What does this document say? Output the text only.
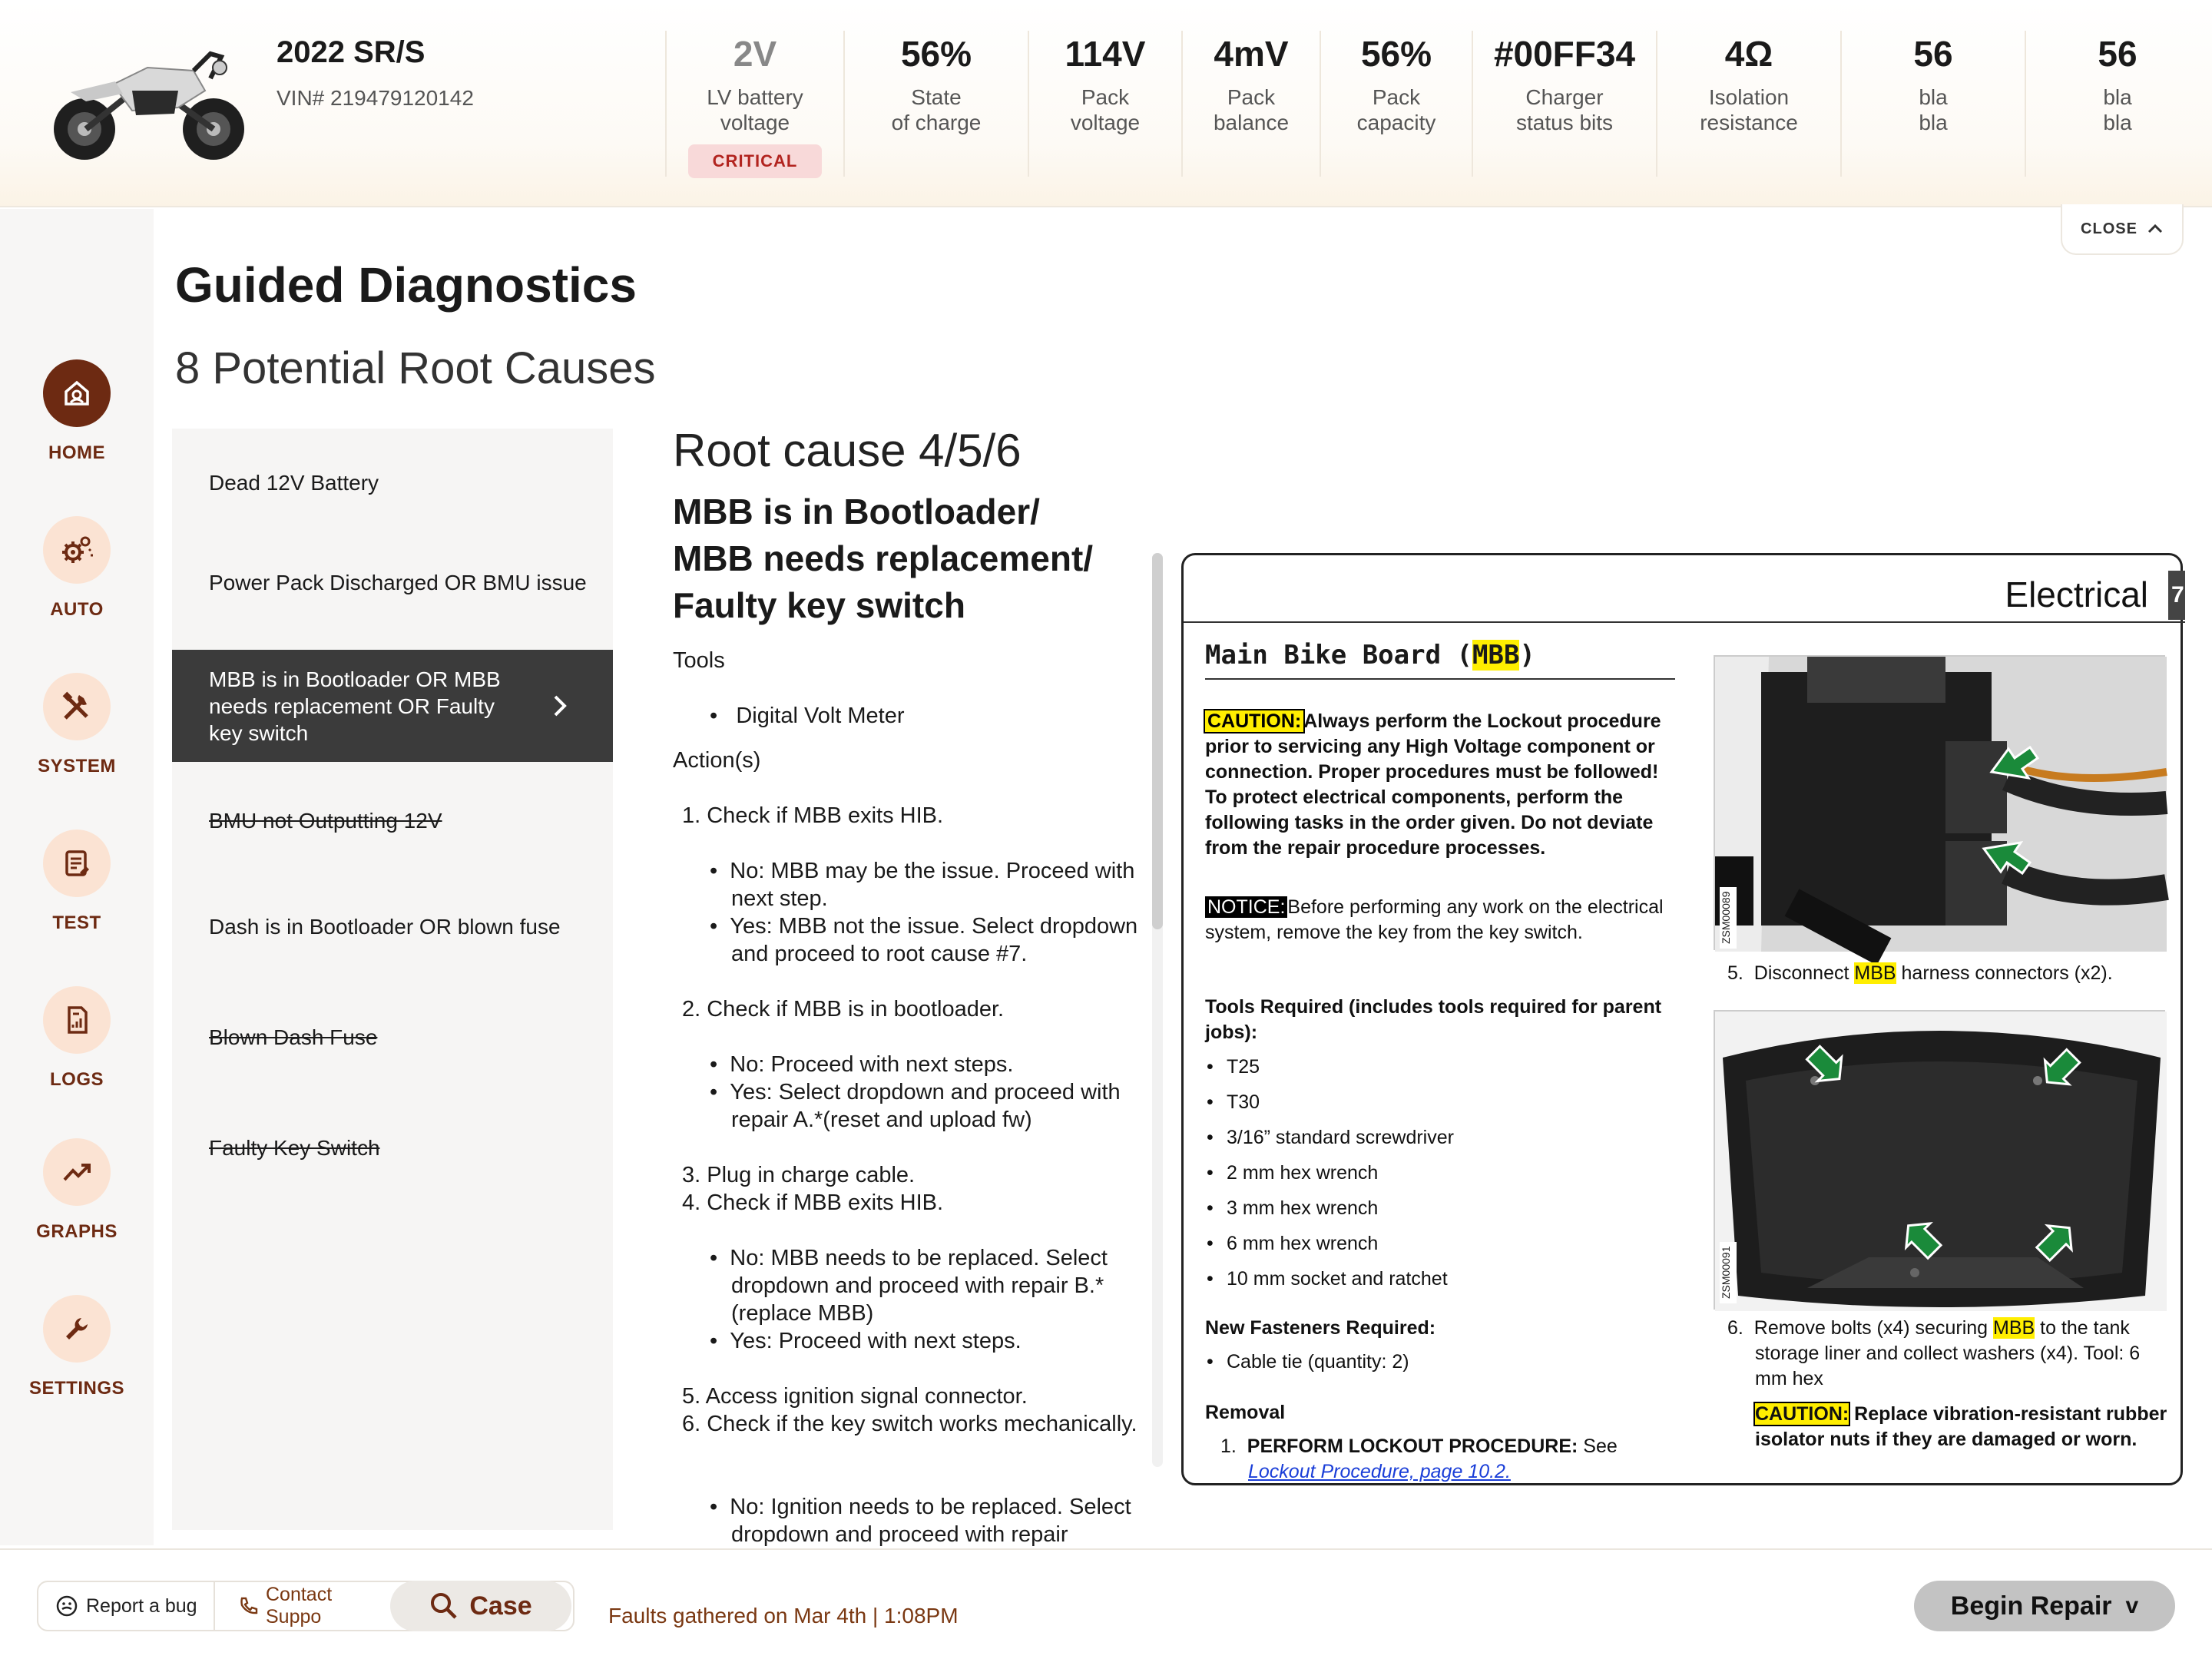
2022 SR/S
VIN# 219479120142
2V
LV battery
voltage
CRITICAL
56%
State
of charge
114V
Pack
voltage
4mV
Pack
balance
56%
Pack
capacity
#00FF34
Charger
status bits
4Ω
Isolation
resistance
56
bla
bla
56
bla
bla
CLOSE
HOME
AUTO
SYSTEM
TEST
LOGS
GRAPHS
SETTINGS
Guided Diagnostics
8 Potential Root Causes
Dead 12V Battery
Power Pack Discharged OR BMU issue
MBB is in Bootloader OR MBB needs replacement OR Faulty key switch
BMU not Outputting 12V
Dash is in Bootloader OR blown fuse
Blown Dash Fuse
Faulty Key Switch
Root cause 4/5/6
MBB is in Bootloader/
MBB needs replacement/
Faulty key switch

Tools

•   Digital Volt Meter

Action(s)

1. Check if MBB exits HIB.

•  No: MBB may be the issue. Proceed with next step.

•  Yes: MBB not the issue. Select dropdown and proceed to root cause #7.

2. Check if MBB is in bootloader.

•  No: Proceed with next steps.

•  Yes: Select dropdown and proceed with repair A.*(reset and upload fw)

3. Plug in charge cable.

4. Check if MBB exits HIB.

•  No: MBB needs to be replaced. Select dropdown and proceed with repair B.*(replace MBB)

•  Yes: Proceed with next steps.

5. Access ignition signal connector.

6. Check if the key switch works mechanically.

•  No: Ignition needs to be replaced. Select dropdown and proceed with repair

Electrical 7
Main Bike Board (MBB)
CAUTION: Always perform the Lockout procedure prior to servicing any High Voltage component or connection. Proper procedures must be followed! To protect electrical components, perform the following tasks in the order given. Do not deviate from the repair procedure processes.
NOTICE: Before performing any work on the electrical system, remove the key from the key switch.
Tools Required (includes tools required for parent jobs):
• T25
• T30
• 3/16” standard screwdriver
• 2 mm hex wrench
• 3 mm hex wrench
• 6 mm hex wrench
• 10 mm socket and ratchet
New Fasteners Required:
• Cable tie (quantity: 2)
Removal
1. PERFORM LOCKOUT PROCEDURE: See
Lockout Procedure, page 10.2.
ZSM00089
5. Disconnect MBB harness connectors (x2).
ZSM00091
6. Remove bolts (x4) securing MBB to the tank storage liner and collect washers (x4). Tool: 6 mm hex
CAUTION: Replace vibration-resistant rubber isolator nuts if they are damaged or worn.
Report a bug
Contact Suppo	Case	Faults gathered on Mar 4th | 1:08PM	Begin Repair v
